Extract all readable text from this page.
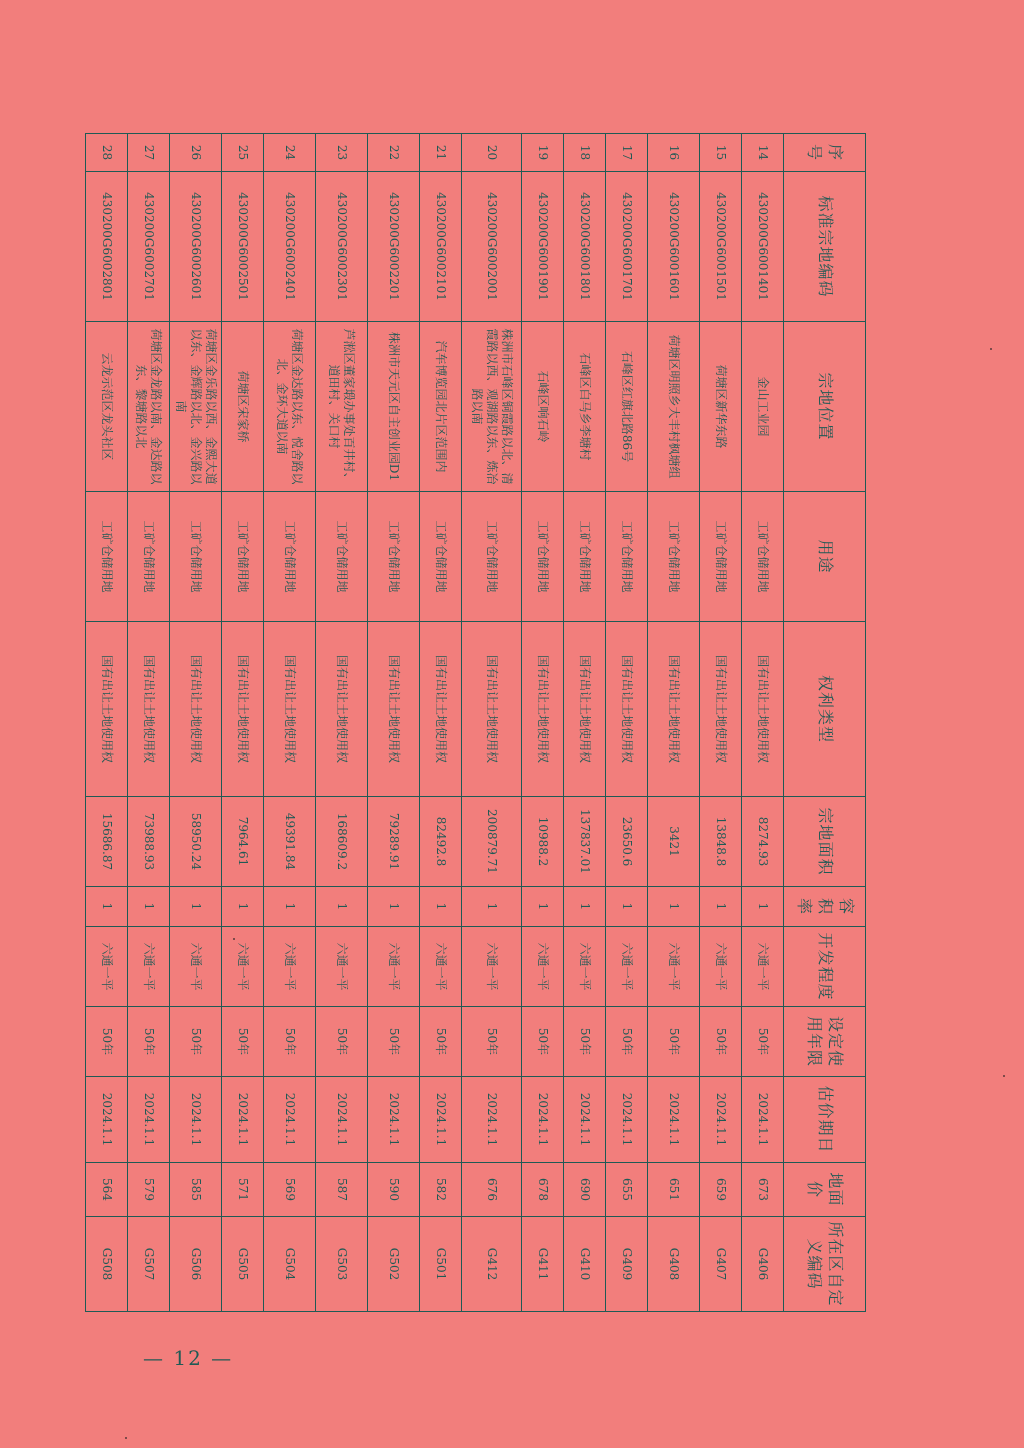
序号	标准宗地编码	宗地位置	用途	权利类型	宗地面积	容积率	开发程度	设定使用年限	估价期日	地面价	所在区自定义编码
14	430200G6001401	金山工业园	工矿仓储用地	国有出让土地使用权	8274.93	1	六通一平	50年	2024.1.1	673	G406
15	430200G6001501	荷塘区新华东路	工矿仓储用地	国有出让土地使用权	13848.8	1	六通一平	50年	2024.1.1	659	G407
16	430200G6001601	荷塘区明照乡大丰村枫塘组	工矿仓储用地	国有出让土地使用权	3421	1	六通一平	50年	2024.1.1	651	G408
17	430200G6001701	石峰区红旗北路86号	工矿仓储用地	国有出让土地使用权	23650.6	1	六通一平	50年	2024.1.1	655	G409
18	430200G6001801	石峰区白马乡李塘村	工矿仓储用地	国有出让土地使用权	137837.01	1	六通一平	50年	2024.1.1	690	G410
19	430200G6001901	石峰区响石岭	工矿仓储用地	国有出让土地使用权	10988.2	1	六通一平	50年	2024.1.1	678	G411
20	430200G6002001	株洲市石峰区铜霞路以北、清霞路以西、观湖路以东、炼冶路以南	工矿仓储用地	国有出让土地使用权	200879.71	1	六通一平	50年	2024.1.1	676	G412
21	430200G6002101	汽车博览园北片区范围内	工矿仓储用地	国有出让土地使用权	82492.8	1	六通一平	50年	2024.1.1	582	G501
22	430200G6002201	株洲市天元区自主创业园D1	工矿仓储用地	国有出让土地使用权	79289.91	1	六通一平	50年	2024.1.1	590	G502
23	430200G6002301	芦淞区董家塅办事处百井村、道田村、关口村	工矿仓储用地	国有出让土地使用权	168609.2	1	六通一平	50年	2024.1.1	587	G503
24	430200G6002401	荷塘区金达路以东、悦舍路以北、金环大道以南	工矿仓储用地	国有出让土地使用权	49391.84	1	六通一平	50年	2024.1.1	569	G504
25	430200G6002501	荷塘区宋家桥	工矿仓储用地	国有出让土地使用权	7964.61	1	六通一平	50年	2024.1.1	571	G505
26	430200G6002601	荷塘区金乐路以西、金熙大道以东、金辉路以北、金兴路以南	工矿仓储用地	国有出让土地使用权	58950.24	1	六通一平	50年	2024.1.1	585	G506
27	430200G6002701	荷塘区金龙路以南、金达路以东、黎塘路以北	工矿仓储用地	国有出让土地使用权	73988.93	1	六通一平	50年	2024.1.1	579	G507
28	430200G6002801	云龙示范区龙头社区	工矿仓储用地	国有出让土地使用权	15686.87	1	六通一平	50年	2024.1.1	564	G508
— 12 —
